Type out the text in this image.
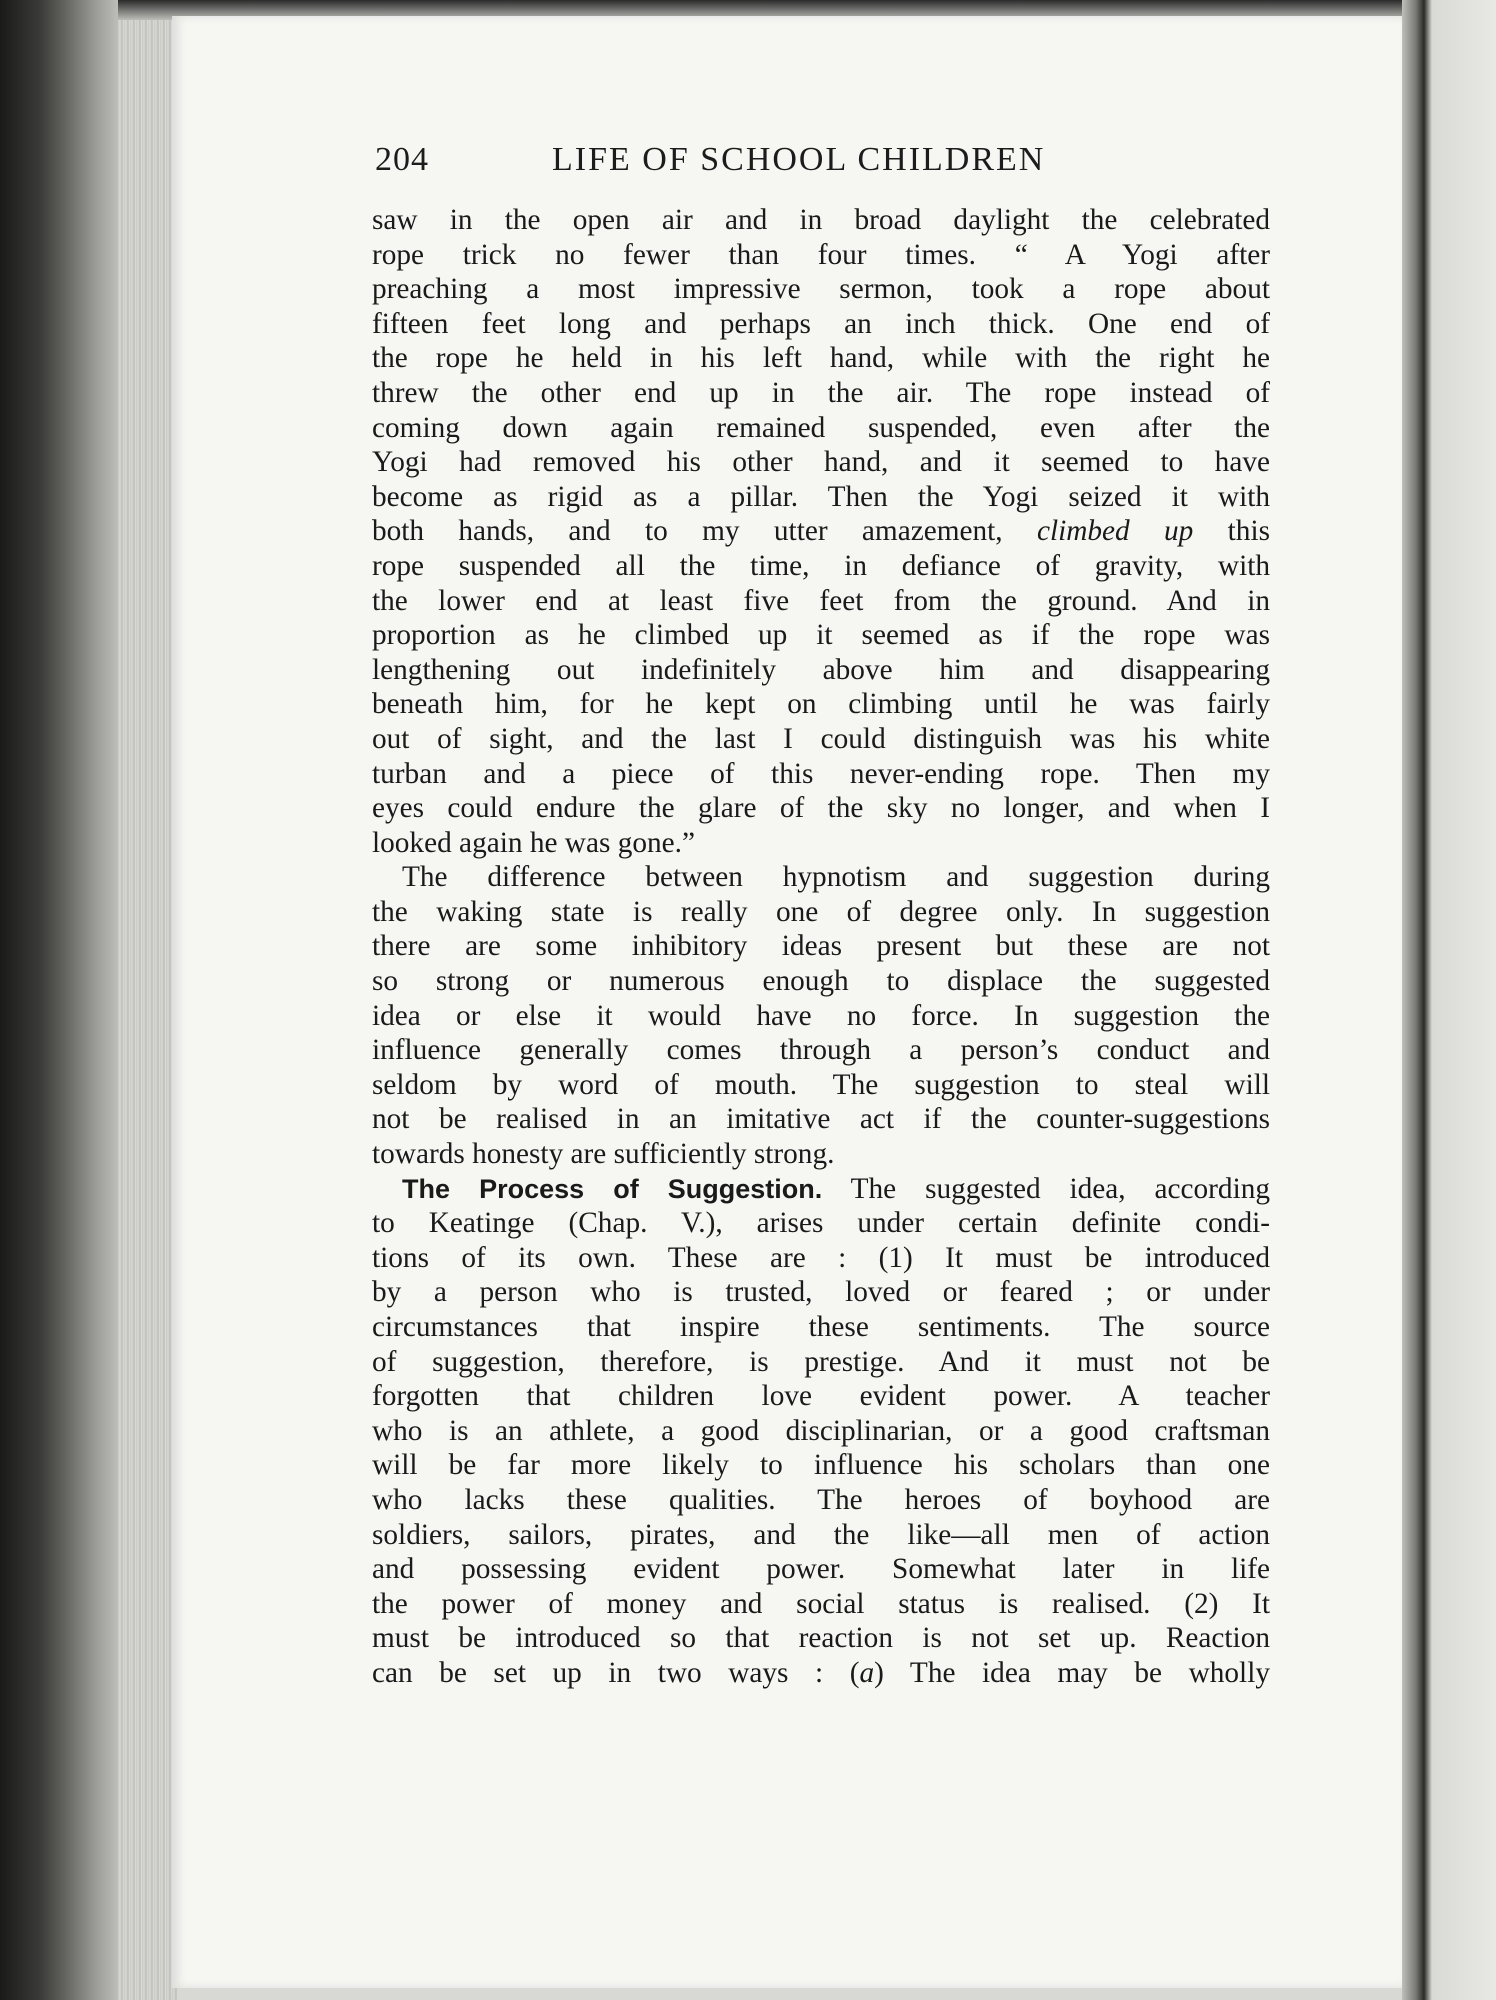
204	LIFE OF SCHOOL CHILDREN
saw in the open air and in broad daylight the celebrated
rope trick no fewer than four times. “ A Yogi after
preaching a most impressive sermon, took a rope about
fifteen feet long and perhaps an inch thick. One end of
the rope he held in his left hand, while with the right he
threw the other end up in the air. The rope instead of
coming down again remained suspended, even after the
Yogi had removed his other hand, and it seemed to have
become as rigid as a pillar. Then the Yogi seized it with
both hands, and to my utter amazement, climbed up this
rope suspended all the time, in defiance of gravity, with
the lower end at least five feet from the ground. And in
proportion as he climbed up it seemed as if the rope was
lengthening out indefinitely above him and disappearing
beneath him, for he kept on climbing until he was fairly
out of sight, and the last I could distinguish was his white
turban and a piece of this never-ending rope. Then my
eyes could endure the glare of the sky no longer, and when I
looked again he was gone.”
The difference between hypnotism and suggestion during
the waking state is really one of degree only. In suggestion
there are some inhibitory ideas present but these are not
so strong or numerous enough to displace the suggested
idea or else it would have no force. In suggestion the
influence generally comes through a person’s conduct and
seldom by word of mouth. The suggestion to steal will
not be realised in an imitative act if the counter-suggestions
towards honesty are sufficiently strong.
The Process of Suggestion. The suggested idea, according
to Keatinge (Chap. V.), arises under certain definite condi-
tions of its own. These are : (1) It must be introduced
by a person who is trusted, loved or feared ; or under
circumstances that inspire these sentiments. The source
of suggestion, therefore, is prestige. And it must not be
forgotten that children love evident power. A teacher
who is an athlete, a good disciplinarian, or a good craftsman
will be far more likely to influence his scholars than one
who lacks these qualities. The heroes of boyhood are
soldiers, sailors, pirates, and the like—all men of action
and possessing evident power. Somewhat later in life
the power of money and social status is realised. (2) It
must be introduced so that reaction is not set up. Reaction
can be set up in two ways : (a) The idea may be wholly
